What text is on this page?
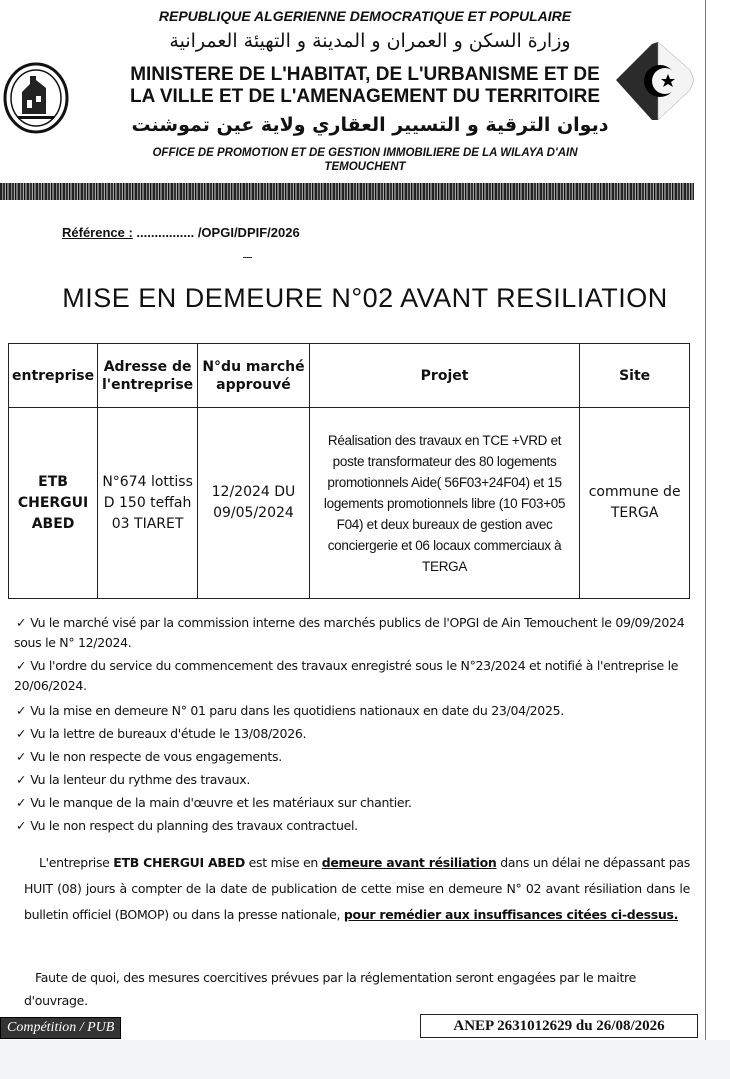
REPUBLIQUE ALGERIENNE DEMOCRATIQUE ET POPULAIRE
وزارة السكن و العمران و المدينة و التهيئة العمرانية
MINISTERE DE L'HABITAT, DE L'URBANISME ET DE
LA VILLE ET DE L'AMENAGEMENT DU TERRITOIRE
ديوان الترقية و التسيير العقاري ولاية عين تموشنت
OFFICE DE PROMOTION ET DE GESTION IMMOBILIERE DE LA WILAYA D'AIN
TEMOUCHENT
Référence : ................ /OPGI/DPIF/2026
MISE EN DEMEURE N°02 AVANT RESILIATION
entreprise	Adresse de l'entreprise	N°du marché approuvé	Projet	Site
ETB CHERGUI ABED	N°674 lottiss D 150 teffah 03 TIARET	12/2024 DU 09/05/2024	Réalisation des travaux en TCE +VRD et poste transformateur des 80 logements promotionnels Aide( 56F03+24F04) et 15 logements promotionnels libre (10 F03+05 F04) et deux bureaux de gestion avec conciergerie et 06 locaux commerciaux à TERGA	commune de TERGA

✓ Vu le marché visé par la commission interne des marchés publics de l'OPGI de Ain Temouchent le 09/09/2024 sous le N° 12/2024.

✓ Vu l'ordre du service du commencement des travaux enregistré sous le N°23/2024 et notifié à l'entreprise le 20/06/2024.

✓ Vu la mise en demeure N° 01 paru dans les quotidiens nationaux en date du 23/04/2025.

✓ Vu la lettre de bureaux d'étude le 13/08/2026.

✓ Vu le non respecte de vous engagements.

✓ Vu la lenteur du rythme des travaux.

✓ Vu le manque de la main d'œuvre et les matériaux sur chantier.

✓ Vu le non respect du planning des travaux contractuel.

L'entreprise ETB CHERGUI ABED est mise en demeure avant résiliation dans un délai ne dépassant pas HUIT (08) jours à compter de la date de publication de cette mise en demeure N° 02 avant résiliation dans le bulletin officiel (BOMOP) ou dans la presse nationale, pour remédier aux insuffisances citées ci-dessus.
Faute de quoi, des mesures coercitives prévues par la réglementation seront engagées par le maitre d'ouvrage.
Compétition / PUB	ANEP 2631012629 du 26/08/2026
